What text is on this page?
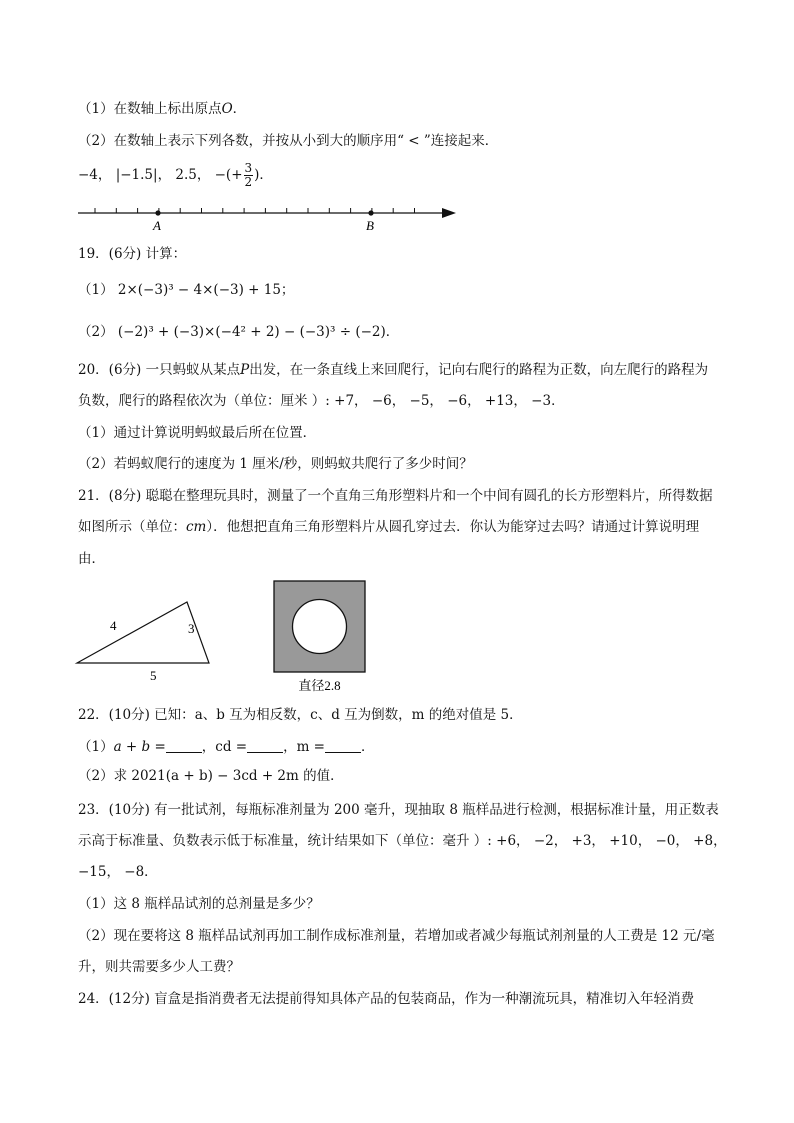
（1）在数轴上标出原点O．
（2）在数轴上表示下列各数，并按从小到大的顺序用“ < ”连接起来．
−4， |−1.5|， 2.5， −(+ $\frac{3}{2}$ )．
A	B
19．(6分) 计算：
（1） 2×(−3)³ − 4×(−3) + 15；
（2） (−2)³ + (−3)×(−4² + 2) − (−3)³ ÷ (−2)．
20．(6分) 一只蚂蚁从某点P出发，在一条直线上来回爬行，记向右爬行的路程为正数，向左爬行的路程为
负数，爬行的路程依次为（单位：厘米 ）: +7， −6， −5， −6， +13， −3．
（1）通过计算说明蚂蚁最后所在位置．
（2）若蚂蚁爬行的速度为 1 厘米/秒，则蚂蚁共爬行了多少时间？
21．(8分) 聪聪在整理玩具时，测量了一个直角三角形塑料片和一个中间有圆孔的长方形塑料片，所得数据
如图所示（单位：cm）．他想把直角三角形塑料片从圆孔穿过去．你认为能穿过去吗？请通过计算说明理
由．
4	3
5
直径2.8
22．(10分) 已知：a、b 互为相反数，c、d 互为倒数，m 的绝对值是 5．
（1）a + b =	，cd =	，m =	．
（2）求 2021(a + b) − 3cd + 2m 的值．
23．(10分) 有一批试剂，每瓶标准剂量为 200 毫升，现抽取 8 瓶样品进行检测，根据标准计量，用正数表
示高于标准量、负数表示低于标准量，统计结果如下（单位：毫升 ）: +6， −2， +3， +10， −0， +8，
−15， −8．
（1）这 8 瓶样品试剂的总剂量是多少？
（2）现在要将这 8 瓶样品试剂再加工制作成标准剂量，若增加或者减少每瓶试剂剂量的人工费是 12 元/毫
升，则共需要多少人工费？
24．(12分) 盲盒是指消费者无法提前得知具体产品的包装商品，作为一种潮流玩具，精准切入年轻消费
